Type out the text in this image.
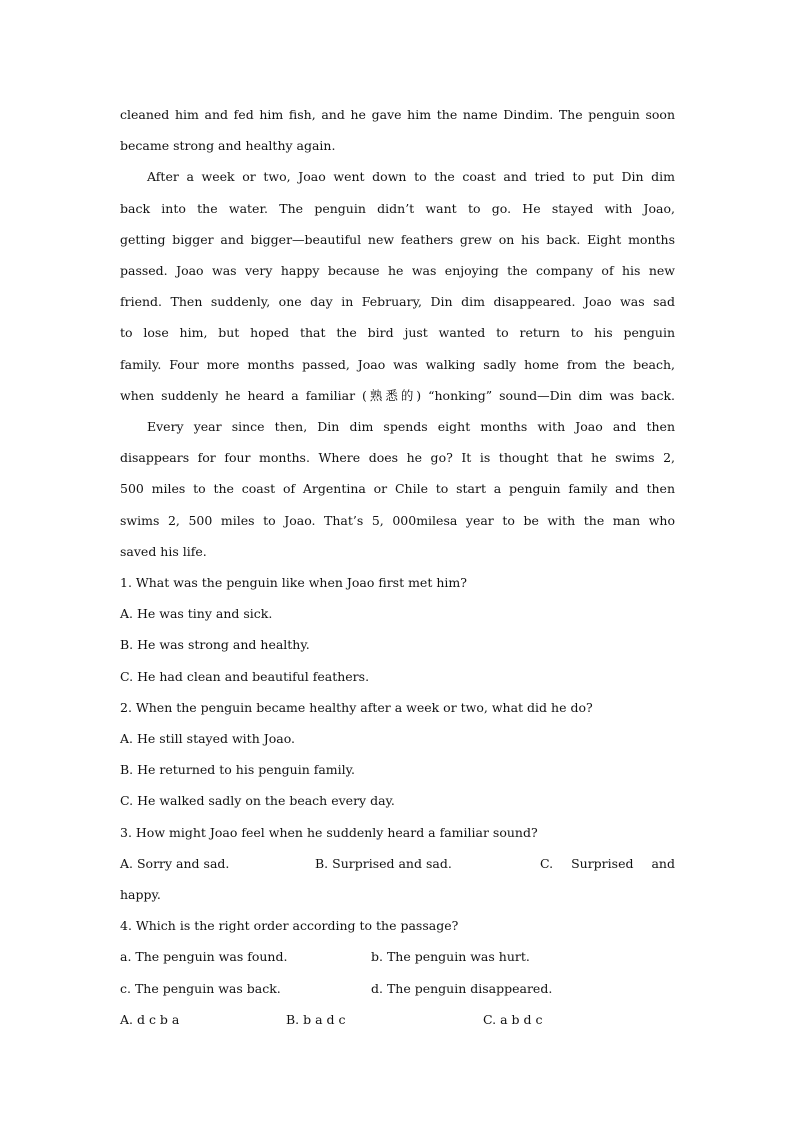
cleaned him and fed him fish, and he gave him the name Dindim. The penguin soon
became strong and healthy again.

After a week or two, Joao went down to the coast and tried to put Din dim
back into the water. The penguin didn’t want to go. He stayed with Joao,
getting bigger and bigger—beautiful new feathers grew on his back. Eight months
passed. Joao was very happy because he was enjoying the company of his new
friend. Then suddenly, one day in February, Din dim disappeared. Joao was sad
to lose him, but hoped that the bird just wanted to return to his penguin
family. Four more months passed, Joao was walking sadly home from the beach,
when suddenly he heard a familiar (熟悉的) “honking” sound—Din dim was back.

Every year since then, Din dim spends eight months with Joao and then
disappears for four months. Where does he go? It is thought that he swims 2,
500 miles to the coast of Argentina or Chile to start a penguin family and then
swims 2, 500 miles to Joao. That’s 5, 000milesa year to be with the man who
saved his life.

1. What was the penguin like when Joao first met him?

A. He was tiny and sick.

B. He was strong and healthy.

C. He had clean and beautiful feathers.

2. When the penguin became healthy after a week or two, what did he do?

A. He still stayed with Joao.

B. He returned to his penguin family.

C. He walked sadly on the beach every day.

3. How might Joao feel when he suddenly heard a familiar sound?

A. Sorry and sad.	B. Surprised and sad.	C. Surprised and

happy.

4. Which is the right order according to the passage?

a. The penguin was found.	b. The penguin was hurt.
c. The penguin was back.	d. The penguin disappeared.
A. d c b a	B. b a d c	C. a b d c
